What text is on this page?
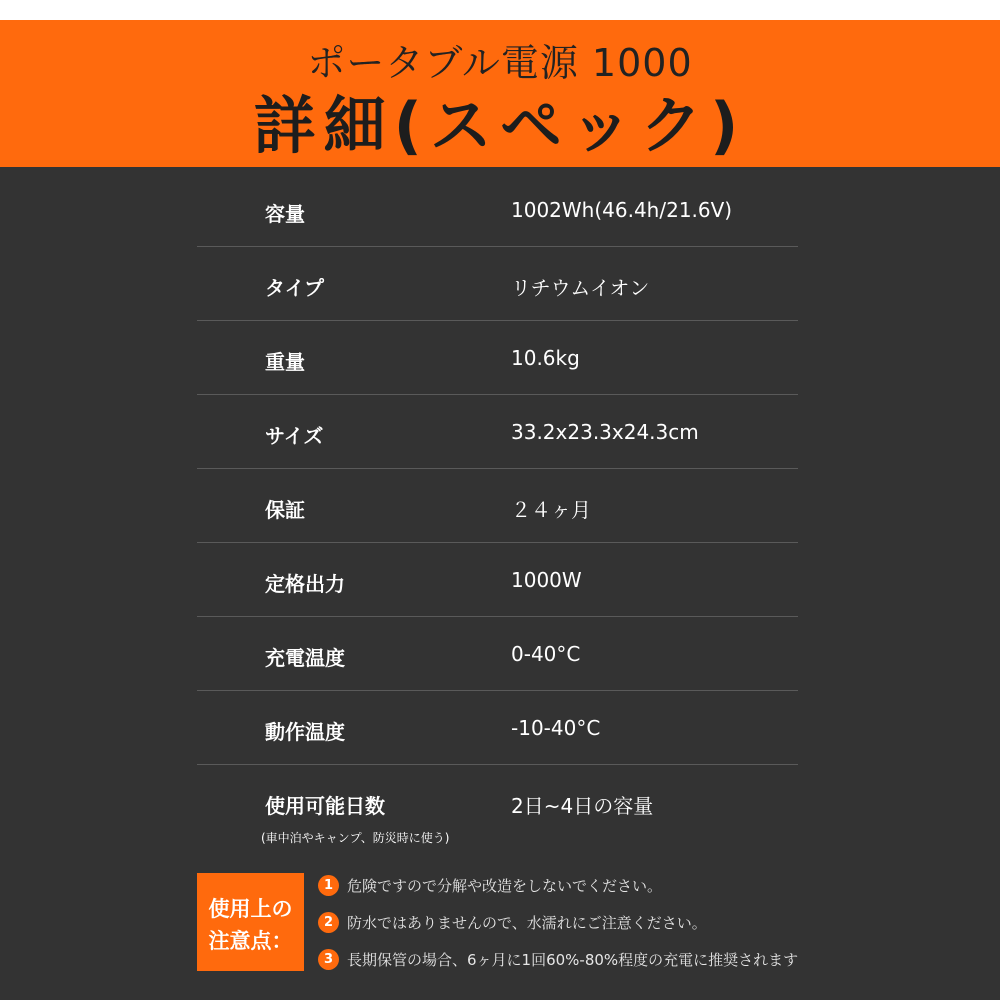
ポータブル電源 1000
詳細(スペック)
容量	1002Wh(46.4h/21.6V)
タイプ	リチウムイオン
重量	10.6kg
サイズ	33.2x23.3x24.3cm
保証	２４ヶ月
定格出力	1000W
充電温度	0-40°C
動作温度	-10-40°C
使用可能日数	2日~4日の容量
(車中泊やキャンプ、防災時に使う)
使用上の
注意点：
1 危険ですので分解や改造をしないでください。
2 防水ではありませんので、水濡れにご注意ください。
3 長期保管の場合、6ヶ月に1回60%-80%程度の充電に推奨されます
